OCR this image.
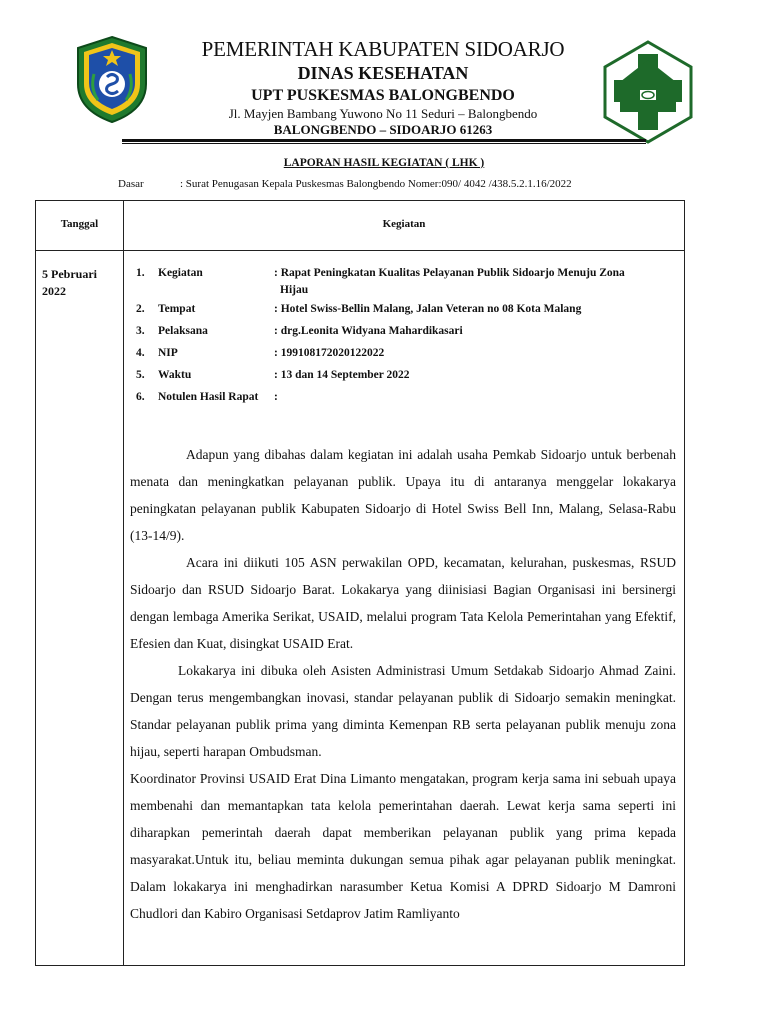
PEMERINTAH KABUPATEN SIDOARJO
DINAS KESEHATAN
UPT PUSKESMAS BALONGBENDO
Jl. Mayjen Bambang Yuwono No 11 Seduri – Balongbendo
BALONGBENDO – SIDOARJO 61263
LAPORAN HASIL KEGIATAN ( LHK )
Dasar	: Surat Penugasan Kepala Puskesmas Balongbendo Nomer:090/ 4042 /438.5.2.1.16/2022
Tanggal	Kegiatan
5 Pebruari
2022
1.	Kegiatan	: Rapat Peningkatan Kualitas Pelayanan Publik Sidoarjo Menuju Zona
Hijau
2.	Tempat	: Hotel Swiss-Bellin Malang, Jalan Veteran no 08 Kota Malang
3.	Pelaksana	: drg.Leonita Widyana Mahardikasari
4.	NIP	: 199108172020122022
5.	Waktu	: 13 dan 14 September 2022
6.	Notulen Hasil Rapat	:

Adapun yang dibahas dalam kegiatan ini adalah usaha Pemkab Sidoarjo untuk berbenah menata dan meningkatkan pelayanan publik. Upaya itu di antaranya menggelar lokakarya peningkatan pelayanan publik Kabupaten Sidoarjo di Hotel Swiss Bell Inn, Malang, Selasa-Rabu (13-14/9).

Acara ini diikuti 105 ASN perwakilan OPD, kecamatan, kelurahan, puskesmas, RSUD Sidoarjo dan RSUD Sidoarjo Barat. Lokakarya yang diinisiasi Bagian Organisasi ini bersinergi dengan lembaga Amerika Serikat, USAID, melalui program Tata Kelola Pemerintahan yang Efektif, Efesien dan Kuat, disingkat USAID Erat.

Lokakarya ini dibuka oleh Asisten Administrasi Umum Setdakab Sidoarjo Ahmad Zaini. Dengan terus mengembangkan inovasi, standar pelayanan publik di Sidoarjo semakin meningkat. Standar pelayanan publik prima yang diminta Kemenpan RB serta pelayanan publik menuju zona hijau, seperti harapan Ombudsman.

Koordinator Provinsi USAID Erat Dina Limanto mengatakan, program kerja sama ini sebuah upaya membenahi dan memantapkan tata kelola pemerintahan daerah. Lewat kerja sama seperti ini diharapkan pemerintah daerah dapat memberikan pelayanan publik yang prima kepada masyarakat.Untuk itu, beliau meminta dukungan semua pihak agar pelayanan publik meningkat. Dalam lokakarya ini menghadirkan narasumber Ketua Komisi A DPRD Sidoarjo M Damroni Chudlori dan Kabiro Organisasi Setdaprov Jatim Ramliyanto
